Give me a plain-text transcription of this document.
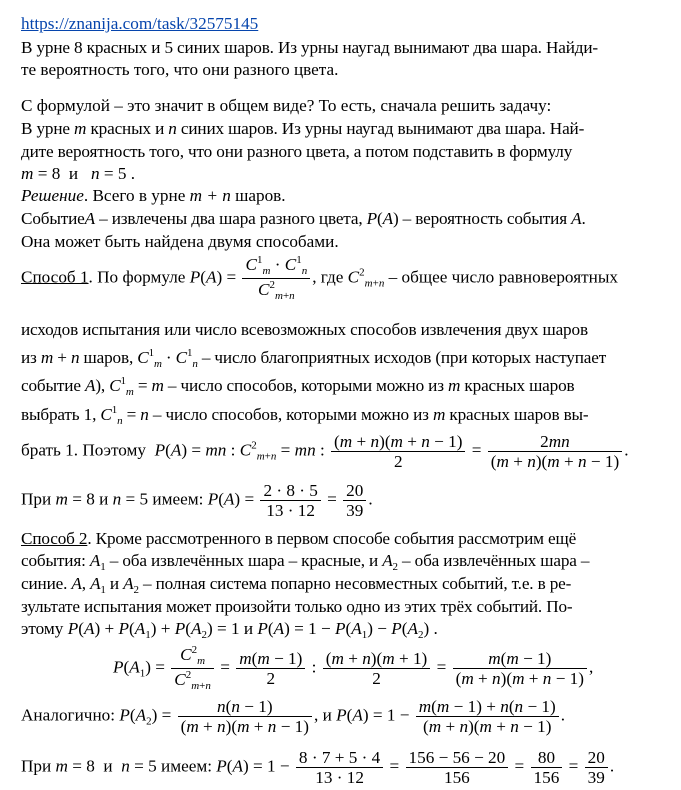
https://znanija.com/task/32575145
В урне 8 красных и 5 синих шаров. Из урны наугад вынимают два шара. Найди-
те вероятность того, что они разного цвета.
С формулой – это значит в общем виде? То есть, сначала решить задачу:
В урне m красных и n синих шаров. Из урны наугад вынимают два шара. Най-
дите вероятность того, что они разного цвета, а потом подставить в формулу
m = 8  и   n = 5 .
Решение. Всего в урне m + n шаров.
СобытиеA – извлечены два шара разного цвета, P(A) – вероятность события A.
Она может быть найдена двумя способами.
Способ 1. По формуле $P(A) = \frac{C^1_m \cdot C^1_n}{C^2_{m+n}}$ , где $C^2_{m+n}$ – общее число равновероятных
исходов испытания или число всевозможных способов извлечения двух шаров
из m + n шаров, $C^1_m \cdot C^1_n$ – число благоприятных исходов (при которых наступает
событие A), $C^1_m = m$ – число способов, которыми можно из m красных шаров
выбрать 1, $C^1_n = n$ – число способов, которыми можно из m красных шаров вы-
брать 1. Поэтому  P(A) = mn : $C^2_{m+n}$ = mn : $\frac{(m + n)(m + n - 1)}{2} = \frac{2mn}{(m + n)(m + n - 1)}$ .
При m = 8 и n = 5 имеем: $P(A) = \frac{2 \cdot 8 \cdot 5}{13 \cdot 12} = \frac{20}{39}$ .
Способ 2. Кроме рассмотренного в первом способе события рассмотрим ещё
события: $A_1$ – оба извлечённых шара – красные, и $A_2$ – оба извлечённых шара –
синие. A, $A_1$ и $A_2$ – полная система попарно несовместных событий, т.е. в ре-
зультате испытания может произойти только одно из этих трёх событий. По-
этому $P(A) + P(A_1) + P(A_2) = 1$ и $P(A) = 1 - P(A_1) - P(A_2)$ .
$P(A_1) = \frac{C^2_m}{C^2_{m+n}} = \frac{m(m - 1)}{2}$ : $\frac{(m + n)(m + 1)}{2} = \frac{m(m - 1)}{(m + n)(m + n - 1)}$ ,
Аналогично: $P(A_2) = \frac{n(n - 1)}{(m + n)(m + n - 1)}$ , и $P(A) = 1 - \frac{m(m - 1) + n(n - 1)}{(m + n)(m + n - 1)}$ .
При m = 8  и  n = 5 имеем: $P(A) = 1 - \frac{8 \cdot 7 + 5 \cdot 4}{13 \cdot 12} = \frac{156 - 56 - 20}{156} = \frac{80}{156} = \frac{20}{39}$ .
